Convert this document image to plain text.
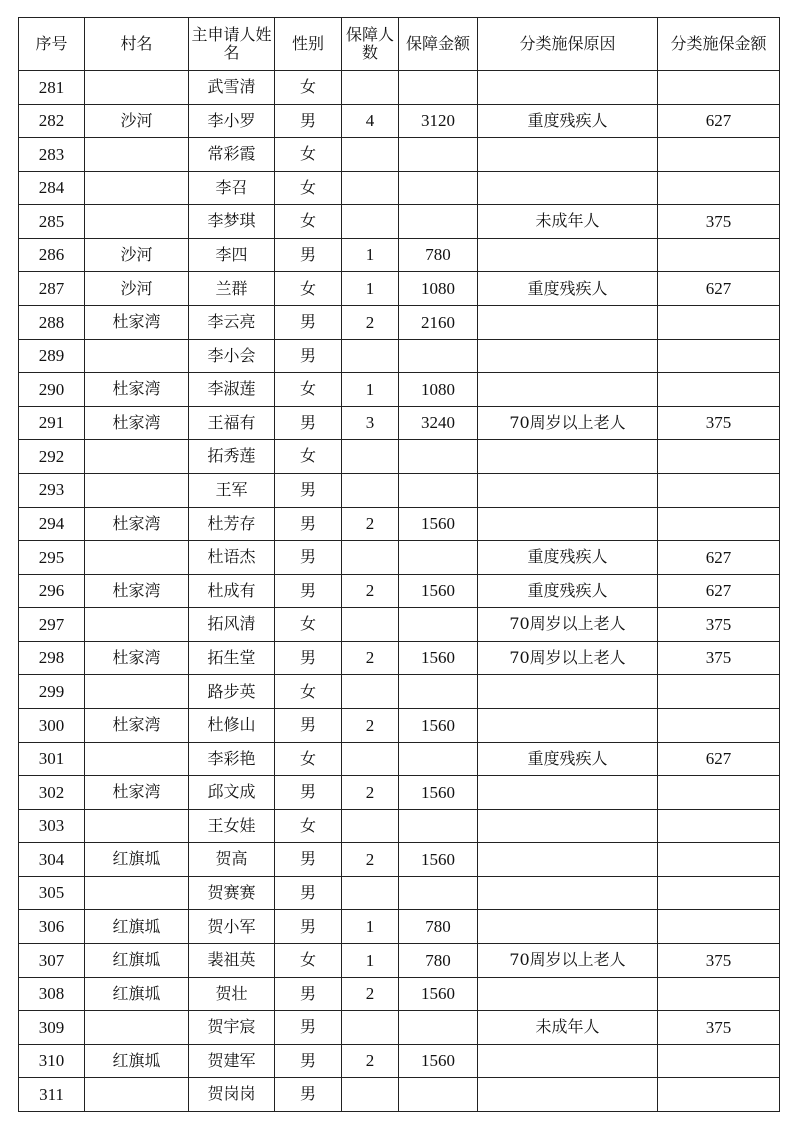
序号	村名	主申请人姓名	性别	保障人数	保障金额	分类施保原因	分类施保金额
281		武雪清	女				
282	沙河	李小罗	男	4	3120	重度残疾人	627
283		常彩霞	女				
284		李召	女				
285		李梦琪	女			未成年人	375
286	沙河	李四	男	1	780		
287	沙河	兰群	女	1	1080	重度残疾人	627
288	杜家湾	李云亮	男	2	2160		
289		李小会	男				
290	杜家湾	李淑莲	女	1	1080		
291	杜家湾	王福有	男	3	3240	70周岁以上老人	375
292		拓秀莲	女				
293		王军	男				
294	杜家湾	杜芳存	男	2	1560		
295		杜语杰	男			重度残疾人	627
296	杜家湾	杜成有	男	2	1560	重度残疾人	627
297		拓风清	女			70周岁以上老人	375
298	杜家湾	拓生堂	男	2	1560	70周岁以上老人	375
299		路步英	女				
300	杜家湾	杜修山	男	2	1560		
301		李彩艳	女			重度残疾人	627
302	杜家湾	邱文成	男	2	1560		
303		王女娃	女				
304	红旗坬	贺高	男	2	1560		
305		贺赛赛	男				
306	红旗坬	贺小军	男	1	780		
307	红旗坬	裴祖英	女	1	780	70周岁以上老人	375
308	红旗坬	贺壮	男	2	1560		
309		贺宇宸	男			未成年人	375
310	红旗坬	贺建军	男	2	1560		
311		贺岗岗	男				
